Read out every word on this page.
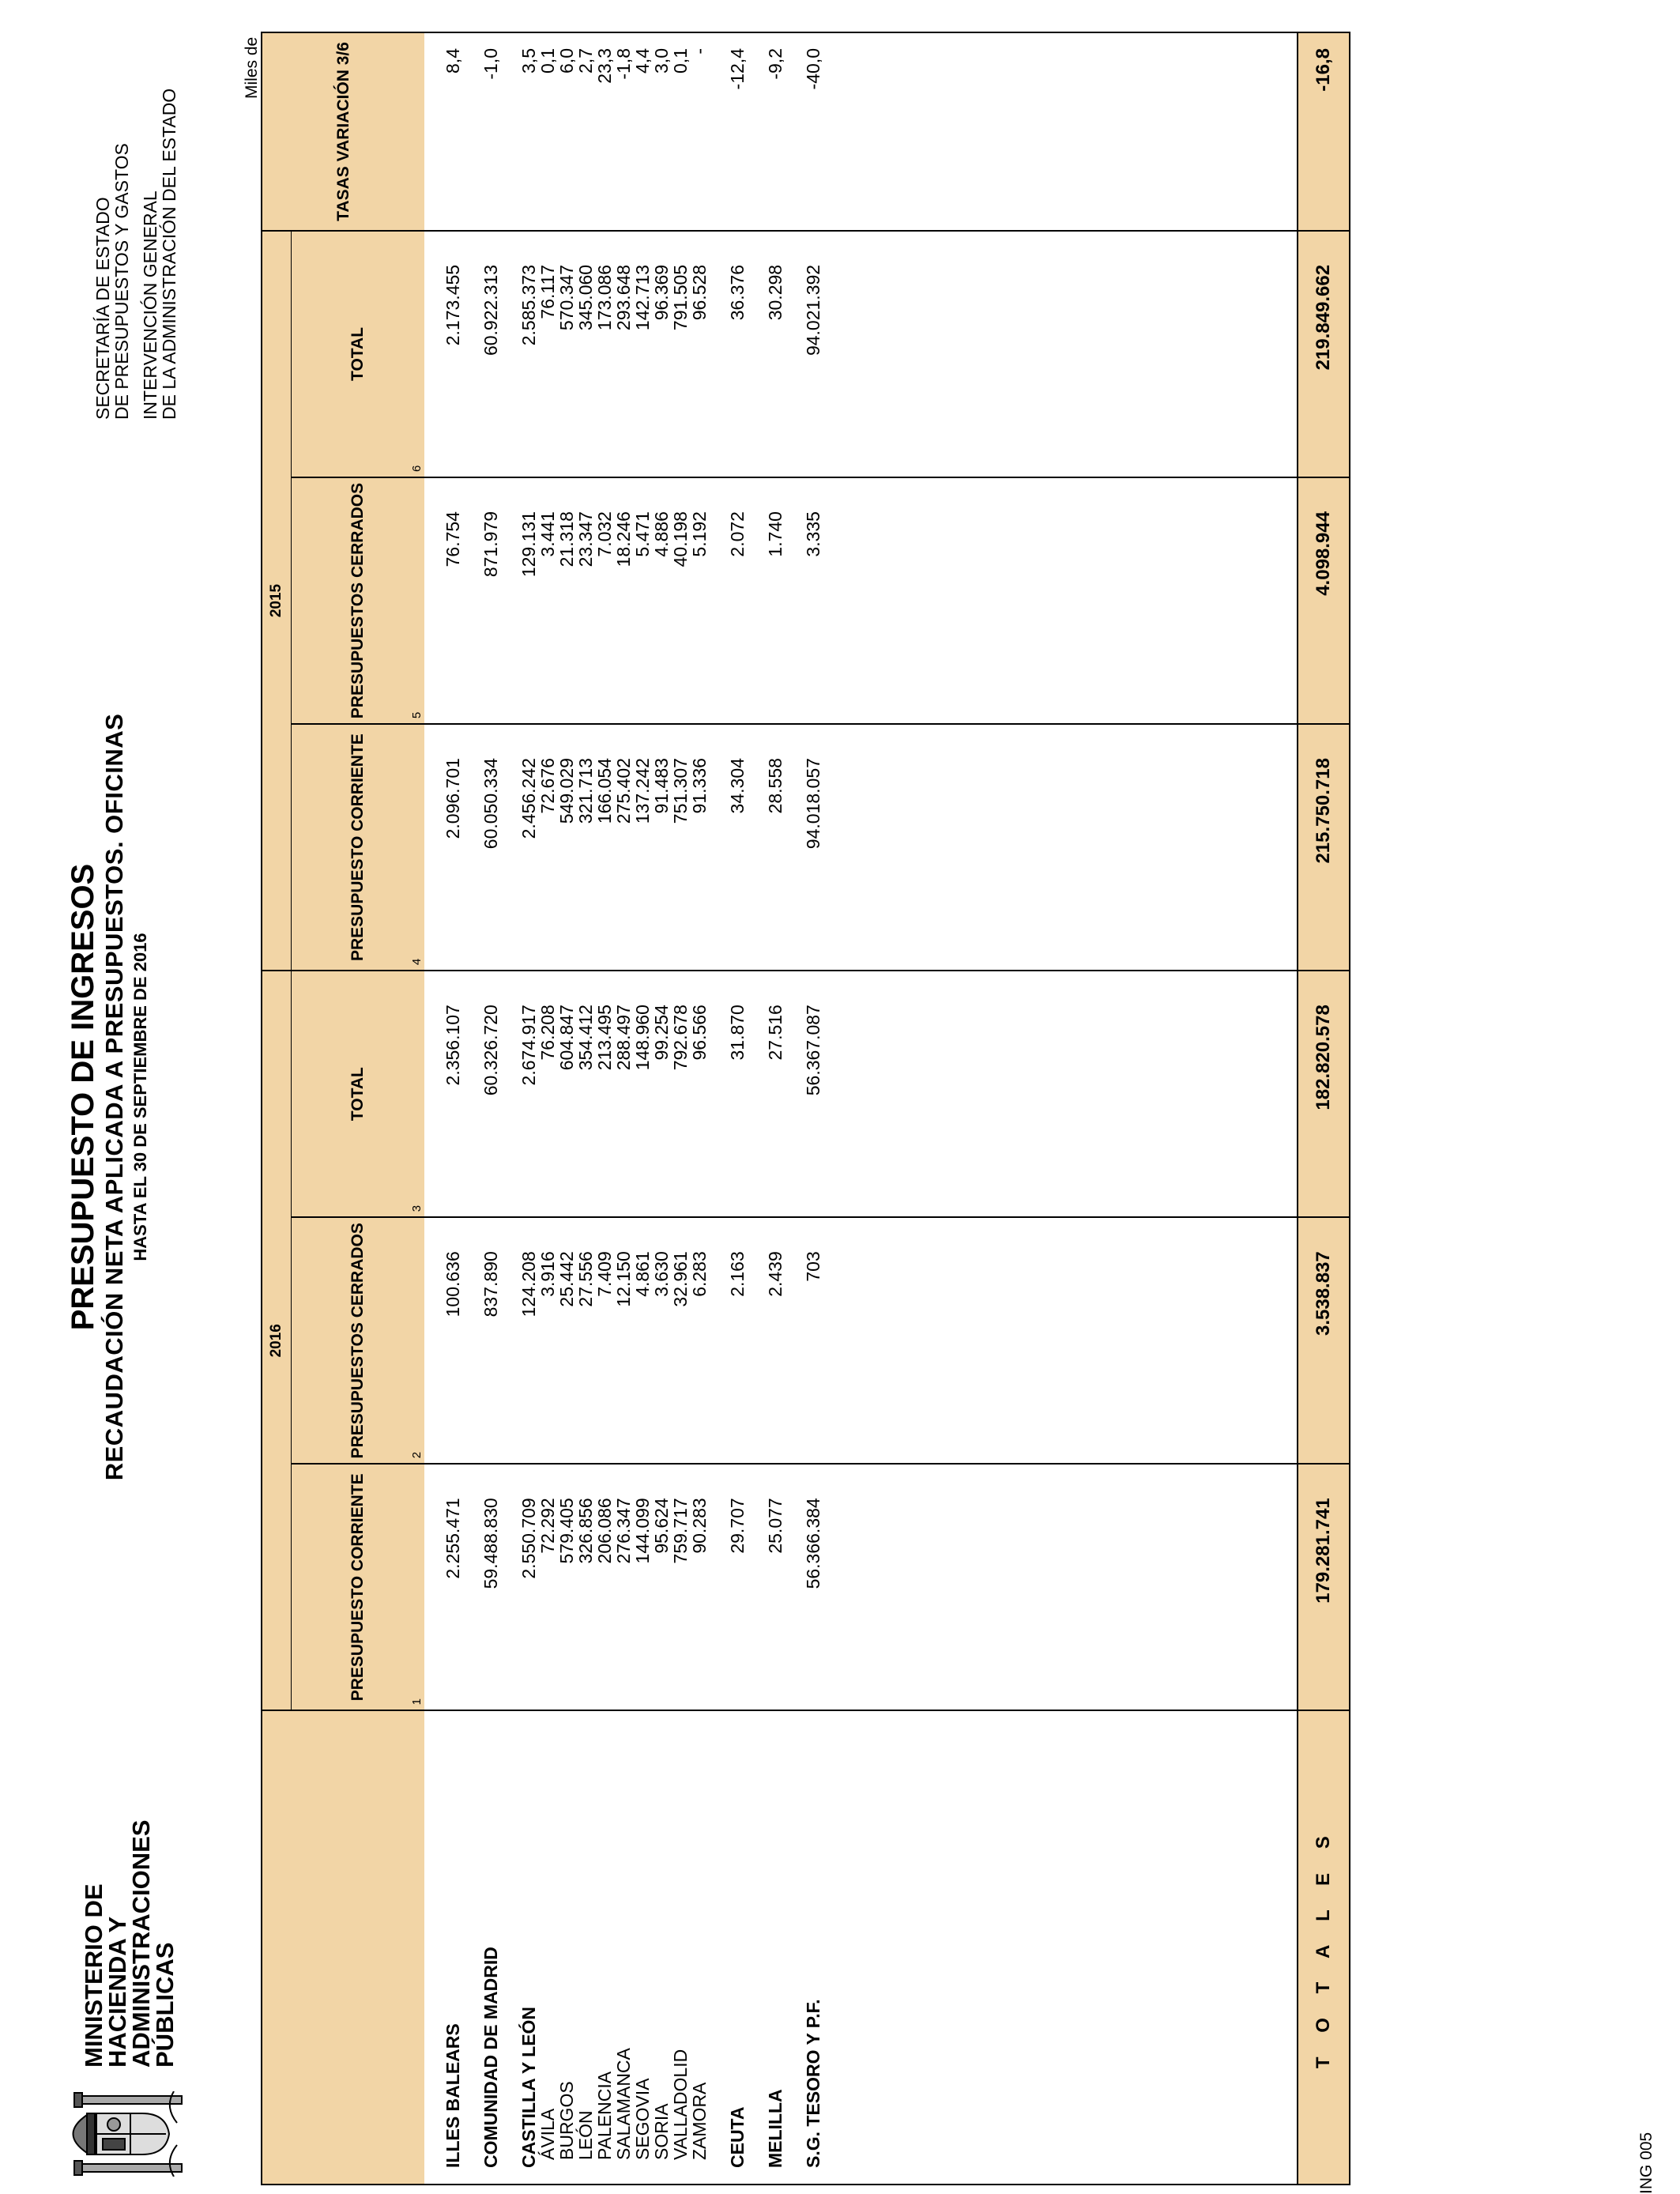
MINISTERIO DE
HACIENDA Y
ADMINISTRACIONES
PÚBLICAS
PRESUPUESTO DE INGRESOS RECAUDACIÓN NETA APLICADA A PRESUPUESTOS. OFICINAS HASTA EL 30 DE SEPTIEMBRE DE 2016
SECRETARÍA DE ESTADO
DE PRESUPUESTOS Y GASTOS INTERVENCIÓN GENERAL
DE LA ADMINISTRACIÓN DEL ESTADO
Miles de
	2016			2015			TASAS VARIACIÓN 3/6

	PRESUPUESTO CORRIENTE
1	PRESUPUESTOS CERRADOS 2	TOTAL
3	PRESUPUESTO CORRIENTE
4	PRESUPUESTOS CERRADOS 5	TOTAL
6	

ILLES BALEARS	2.255.471	100.636	2.356.107	2.096.701	76.754	2.173.455	8,4

COMUNIDAD DE MADRID	59.488.830	837.890	60.326.720	60.050.334	871.979	60.922.313	-1,0

CASTILLA Y LEÓN	2.550.709	124.208	2.674.917	2.456.242	129.131	2.585.373	3,5
ÁVILA	72.292	3.916	76.208	72.676	3.441	76.117	0,1
BURGOS	579.405	25.442	604.847	549.029	21.318	570.347	6,0
LEÓN	326.856	27.556	354.412	321.713	23.347	345.060	2,7
PALENCIA	206.086	7.409	213.495	166.054	7.032	173.086	23,3
SALAMANCA	276.347	12.150	288.497	275.402	18.246	293.648	-1,8
SEGOVIA	144.099	4.861	148.960	137.242	5.471	142.713	4,4
SORIA	95.624	3.630	99.254	91.483	4.886	96.369	3,0
VALLADOLID	759.717	32.961	792.678	751.307	40.198	791.505	0,1
ZAMORA	90.283	6.283	96.566	91.336	5.192	96.528	-

CEUTA	29.707	2.163	31.870	34.304	2.072	36.376	-12,4

MELILLA	25.077	2.439	27.516	28.558	1.740	30.298	-9,2

S.G. TESORO Y P.F.	56.366.384	703	56.367.087	94.018.057	3.335	94.021.392	-40,0

T O T A L E S	179.281.741	3.538.837	182.820.578	215.750.718	4.098.944	219.849.662	-16,8
ING 005
